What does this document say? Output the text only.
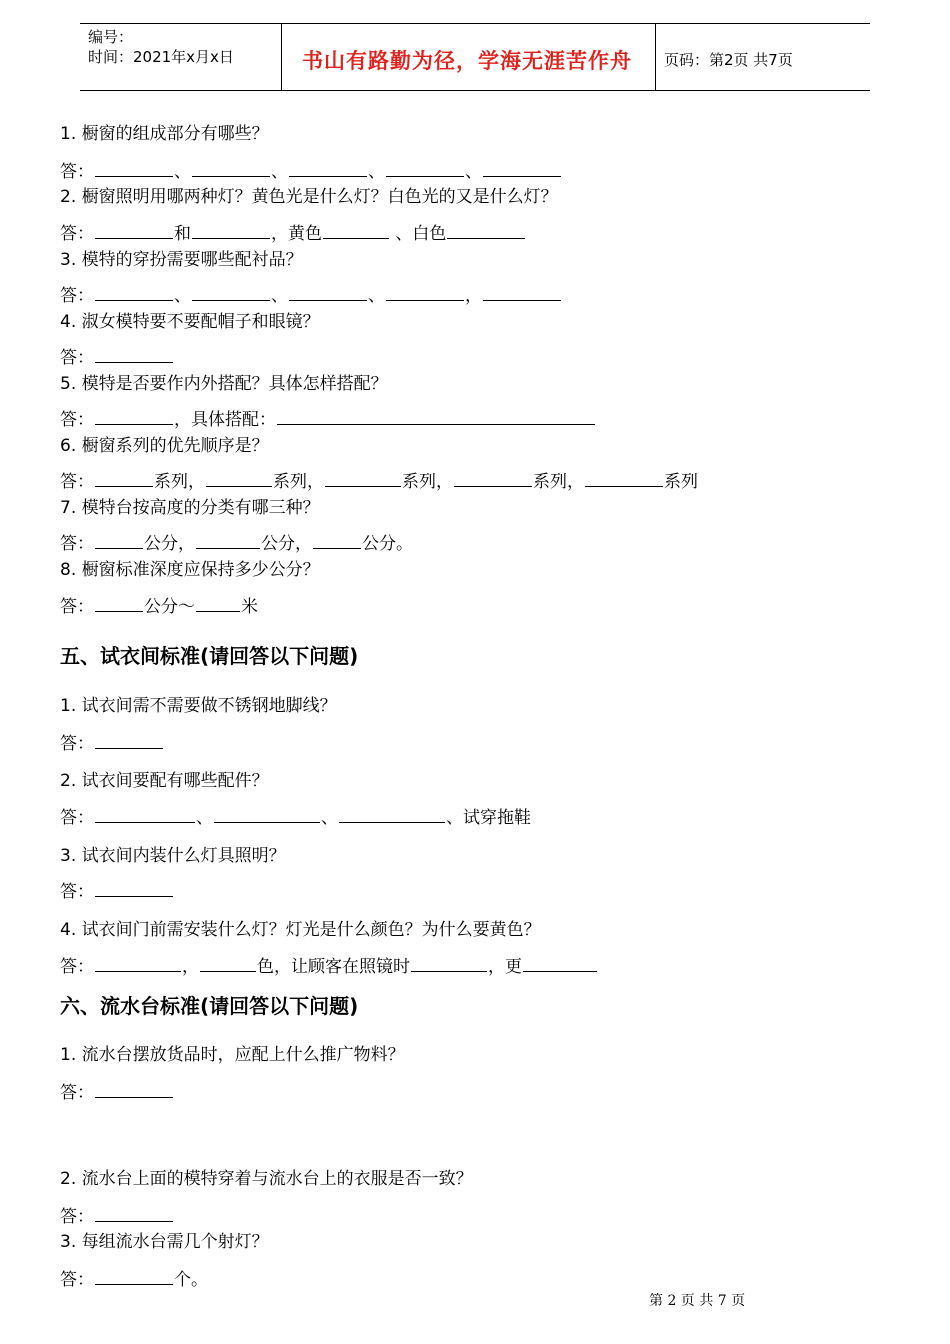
编号：
时间：2021年x月x日	书山有路勤为径，学海无涯苦作舟 页码：第2页 共7页
1. 橱窗的组成部分有哪些？
答：	、	、	、	、
2. 橱窗照明用哪两种灯？黄色光是什么灯？白色光的又是什么灯？
答：	和	，黄色	、白色
3. 模特的穿扮需要哪些配衬品？
答：	、	、	、	，
4. 淑女模特要不要配帽子和眼镜？
答：
5. 模特是否要作内外搭配？具体怎样搭配？
答：	，具体搭配：
6. 橱窗系列的优先顺序是？
答：	系列，	系列，	系列，	系列，	系列
7. 模特台按高度的分类有哪三种？
答：	公分，	公分，	公分。
8. 橱窗标准深度应保持多少公分？
答：	公分～	米
五、试衣间标准(请回答以下问题)
1. 试衣间需不需要做不锈钢地脚线？
答：
2. 试衣间要配有哪些配件？
答：	、	、	、试穿拖鞋
3. 试衣间内装什么灯具照明？
答：
4. 试衣间门前需安装什么灯？灯光是什么颜色？为什么要黄色？
答：	，	色，让顾客在照镜时	，更
六、流水台标准(请回答以下问题)
1. 流水台摆放货品时，应配上什么推广物料？
答：
2. 流水台上面的模特穿着与流水台上的衣服是否一致？
答：
3. 每组流水台需几个射灯？
答：	个。
第 2 页 共 7 页
